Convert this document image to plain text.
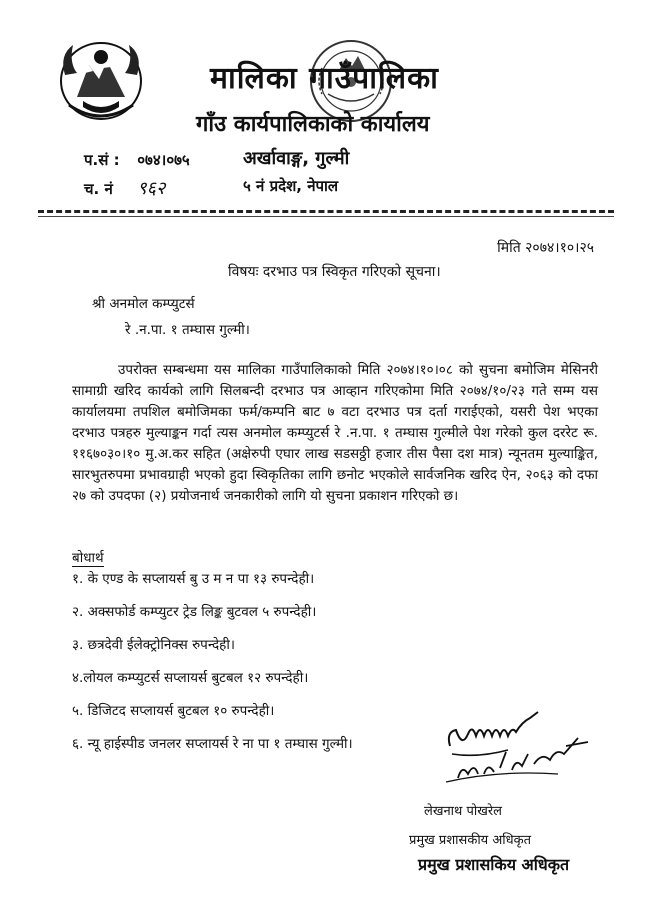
मालिका गाउँपालिका
गाँउ कार्यपालिकाको कार्यालय
प.सं : ०७४।०७५
च. नं ९६२
अर्खावाङ्ग, गुल्मी
५ नं प्रदेश, नेपाल
मिति २०७४।१०।२५
विषयः दरभाउ पत्र स्विकृत गरिएको सूचना।
श्री अनमोल कम्प्युटर्स
रे .न.पा. १ तम्घास गुल्मी।
उपरोक्त सम्बन्धमा यस मालिका गाउँपालिकाको मिति २०७४।१०।०८ को सुचना बमोजिम मेसिनरी सामाग्री खरिद कार्यको लागि सिलबन्दी दरभाउ पत्र आव्हान गरिएकोमा मिति २०७४/१०/२३ गते सम्म यस कार्यालयमा तपशिल बमोजिमका फर्म/कम्पनि बाट ७ वटा दरभाउ पत्र दर्ता गराईएको, यसरी पेश भएका दरभाउ पत्रहरु मुल्याङ्कन गर्दा त्यस अनमोल कम्प्युटर्स रे .न.पा. १ तम्घास गुल्मीले पेश गरेको कुल दररेट रू. ११६७०३०।१० मु.अ.कर सहित (अक्षेरुपी एघार लाख सडसठ्ठी हजार तीस पैसा दश मात्र) न्यूनतम मुल्याङ्कित, सारभुतरुपमा प्रभावग्राही भएको हुदा स्विकृतिका लागि छनोट भएकोले सार्वजनिक खरिद ऐन, २०६३ को दफा २७ को उपदफा (२) प्रयोजनार्थ जनकारीको लागि यो सुचना प्रकाशन गरिएको छ।
बोधार्थ
१. के एण्ड के सप्लायर्स बु उ म न पा १३ रुपन्देही।
२. अक्सफोर्ड कम्प्युटर ट्रेड लिङ्क बुटवल ५ रुपन्देही।
३. छत्रदेवी ईलेक्ट्रोनिक्स रुपन्देही।
४.लोयल कम्प्युटर्स सप्लायर्स बुटबल १२ रुपन्देही।
५. डिजिटद सप्लायर्स बुटबल १० रुपन्देही।
६. न्यू हाईस्पीड जनलर सप्लायर्स रे ना पा १ तम्घास गुल्मी।
लेखनाथ पोखरेल
प्रमुख प्रशासकीय अधिकृत
प्रमुख प्रशासकिय अधिकृत
